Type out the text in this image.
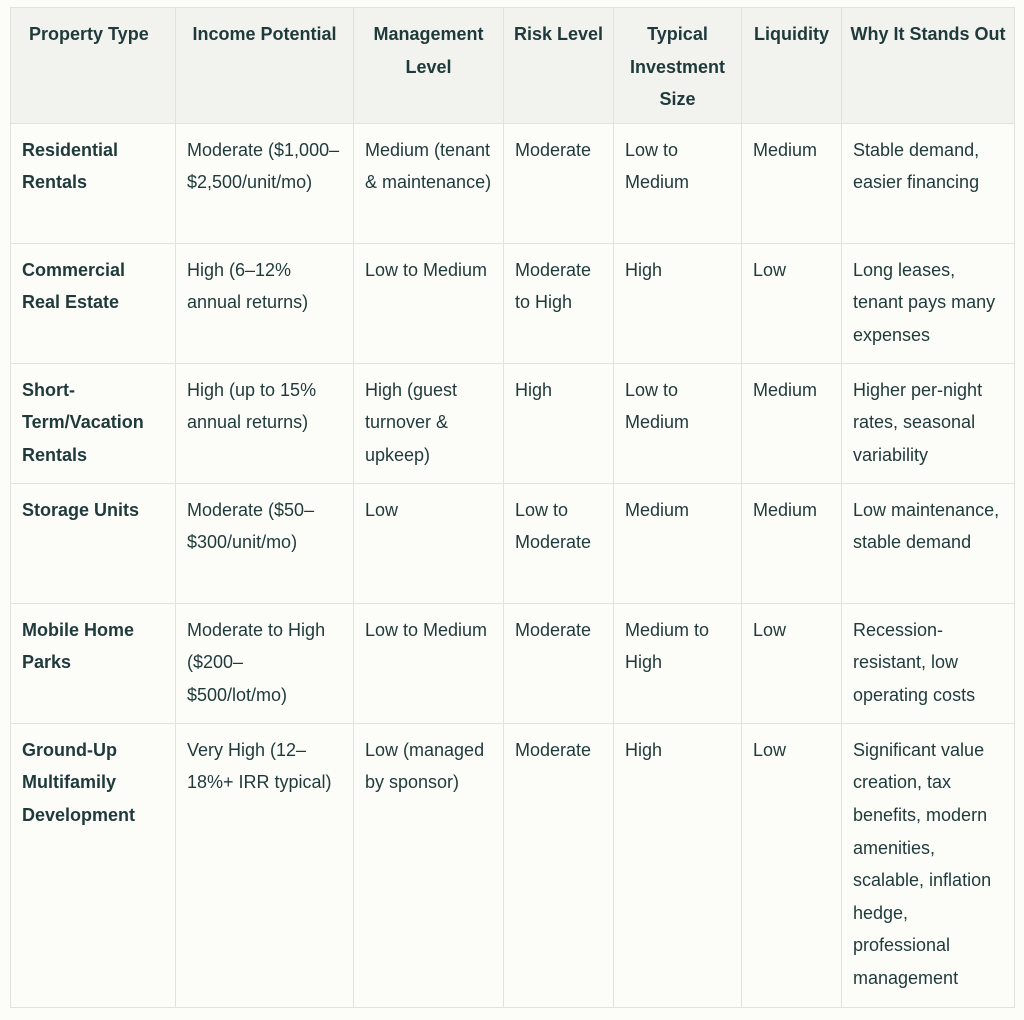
Property Type	Income Potential	Management Level	Risk Level	Typical Investment Size	Liquidity	Why It Stands Out
Residential Rentals	Moderate ($1,000–$2,500/unit/mo)	Medium (tenant & maintenance)	Moderate	Low to Medium	Medium	Stable demand, easier financing
Commercial Real Estate	High (6–12% annual returns)	Low to Medium	Moderate to High	High	Low	Long leases, tenant pays many expenses
Short-Term/Vacation Rentals	High (up to 15% annual returns)	High (guest turnover & upkeep)	High	Low to Medium	Medium	Higher per-night rates, seasonal variability
Storage Units	Moderate ($50–$300/unit/mo)	Low	Low to Moderate	Medium	Medium	Low maintenance, stable demand
Mobile Home Parks	Moderate to High ($200–$500/lot/mo)	Low to Medium	Moderate	Medium to High	Low	Recession-resistant, low operating costs
Ground-Up Multifamily Development	Very High (12–18%+ IRR typical)	Low (managed by sponsor)	Moderate	High	Low	Significant value creation, tax benefits, modern amenities, scalable, inflation hedge, professional management
